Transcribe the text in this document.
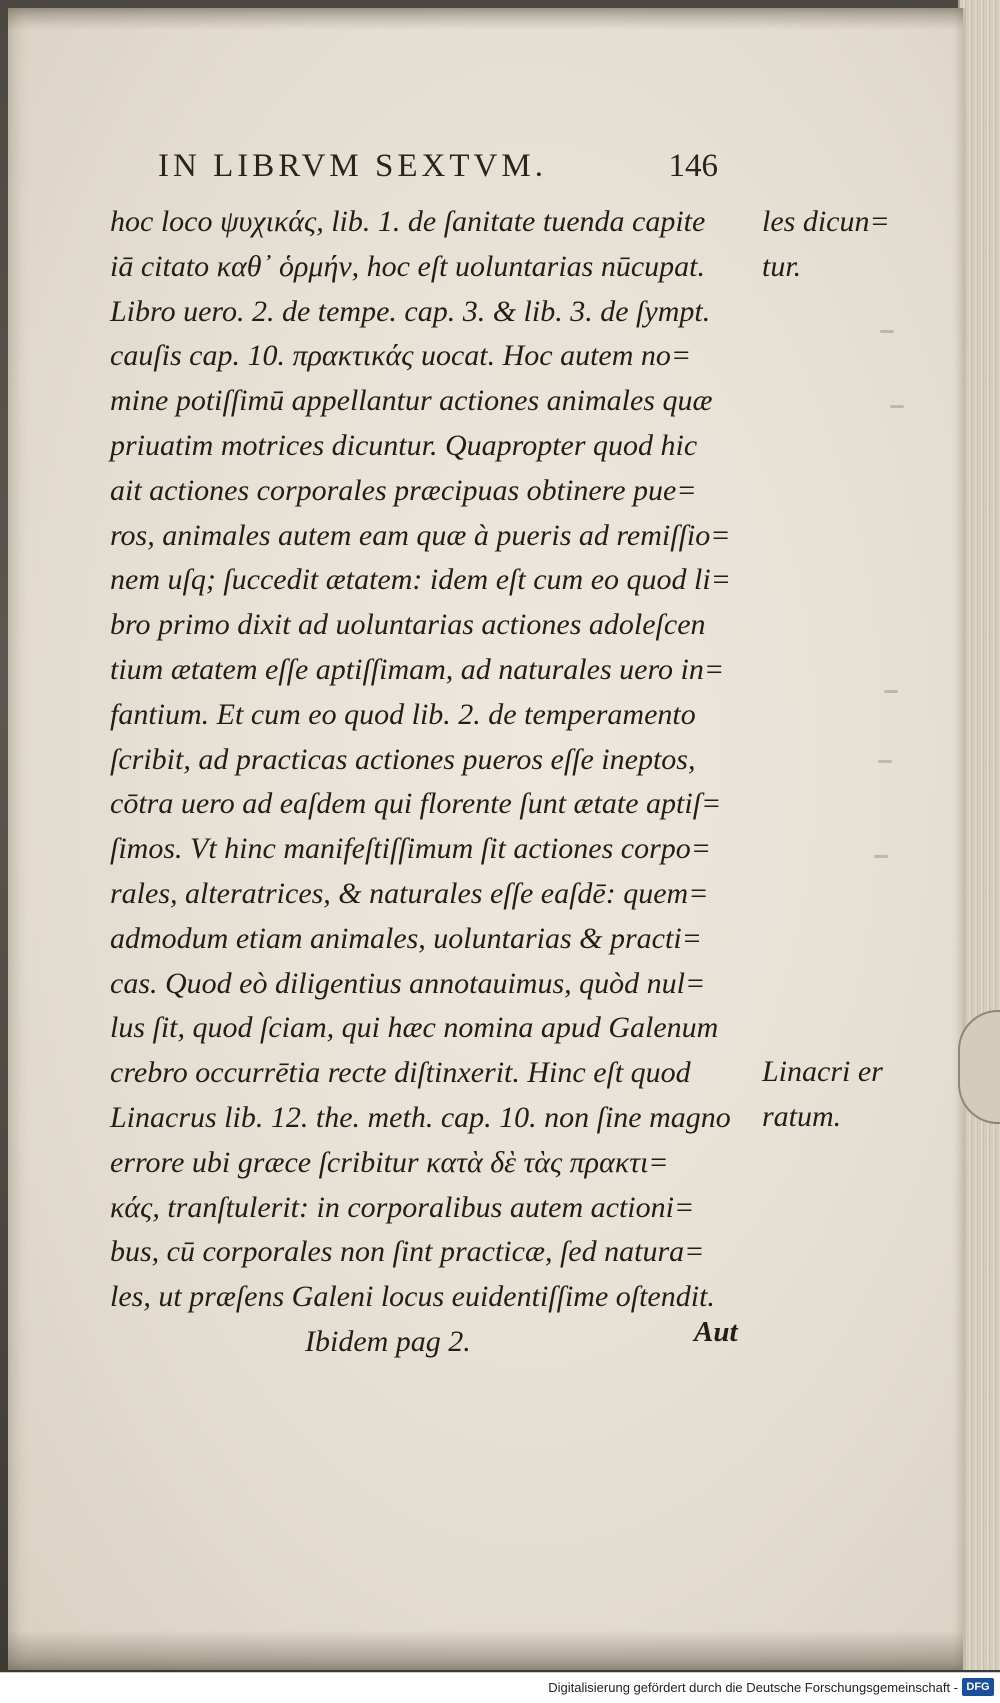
IN LIBRVM SEXTVM.	146
hoc loco ψυχικάς, lib. 1. de ſanitate tuenda capite
iā citato καθ᾽ ὁρμήν, hoc eſt uoluntarias nūcupat.
Libro uero. 2. de tempe. cap. 3. & lib. 3. de ſympt.
cauſis cap. 10. πρακτικάς uocat. Hoc autem no=
mine potiſſimū appellantur actiones animales quæ
priuatim motrices dicuntur. Quapropter quod hic
ait actiones corporales præcipuas obtinere pue=
ros, animales autem eam quæ à pueris ad remiſſio=
nem uſq; ſuccedit ætatem: idem eſt cum eo quod li=
bro primo dixit ad uoluntarias actiones adoleſcen
tium ætatem eſſe aptiſſimam, ad naturales uero in=
fantium. Et cum eo quod lib. 2. de temperamento
ſcribit, ad practicas actiones pueros eſſe ineptos,
cōtra uero ad eaſdem qui florente ſunt ætate aptiſ=
ſimos. Vt hinc manifeſtiſſimum ſit actiones corpo=
rales, alteratrices, & naturales eſſe eaſdē: quem=
admodum etiam animales, uoluntarias & practi=
cas. Quod eò diligentius annotauimus, quòd nul=
lus ſit, quod ſciam, qui hæc nomina apud Galenum
crebro occurrētia recte diſtinxerit. Hinc eſt quod
Linacrus lib. 12. the. meth. cap. 10. non ſine magno
errore ubi græce ſcribitur κατὰ δὲ τὰς πρακτι=
κάς, tranſtulerit: in corporalibus autem actioni=
bus, cū corporales non ſint practicæ, ſed natura=
les, ut præſens Galeni locus euidentiſſime oſtendit.
Ibidem pag 2.
les dicun=
tur.
Linacri er
ratum.
Aut
Digitalisierung gefördert durch die Deutsche Forschungsgemeinschaft - DFG
